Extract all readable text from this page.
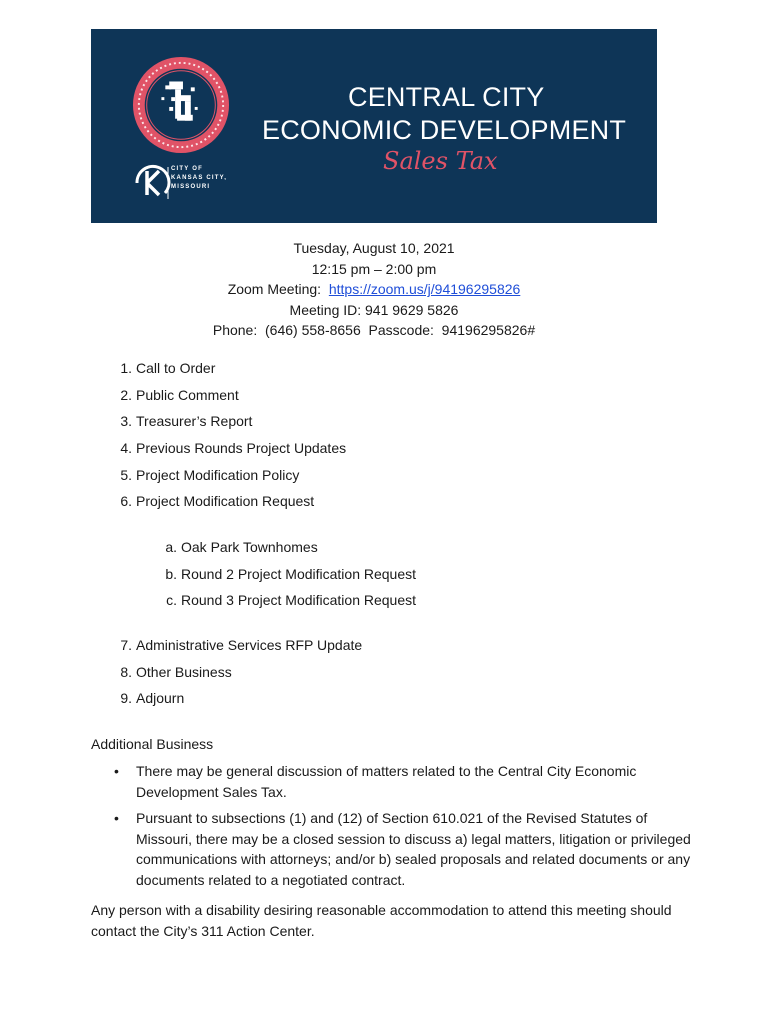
CITY OF
KANSAS CITY,
MISSOURI
CENTRAL CITY
ECONOMIC DEVELOPMENT
Sales Tax
Tuesday, August 10, 2021
12:15 pm – 2:00 pm
Zoom Meeting: https://zoom.us/j/94196295826
Meeting ID: 941 9629 5826
Phone:  (646) 558-8656  Passcode:  94196295826#
1. Call to Order
2. Public Comment
3. Treasurer’s Report
4. Previous Rounds Project Updates
5. Project Modification Policy
6. Project Modification Request
a. Oak Park Townhomes
b. Round 2 Project Modification Request
c. Round 3 Project Modification Request
7. Administrative Services RFP Update
8. Other Business
9. Adjourn
Additional Business
• There may be general discussion of matters related to the Central City Economic Development Sales Tax.
• Pursuant to subsections (1) and (12) of Section 610.021 of the Revised Statutes of Missouri, there may be a closed session to discuss a) legal matters, litigation or privileged communications with attorneys; and/or b) sealed proposals and related documents or any documents related to a negotiated contract.
Any person with a disability desiring reasonable accommodation to attend this meeting should contact the City’s 311 Action Center.
